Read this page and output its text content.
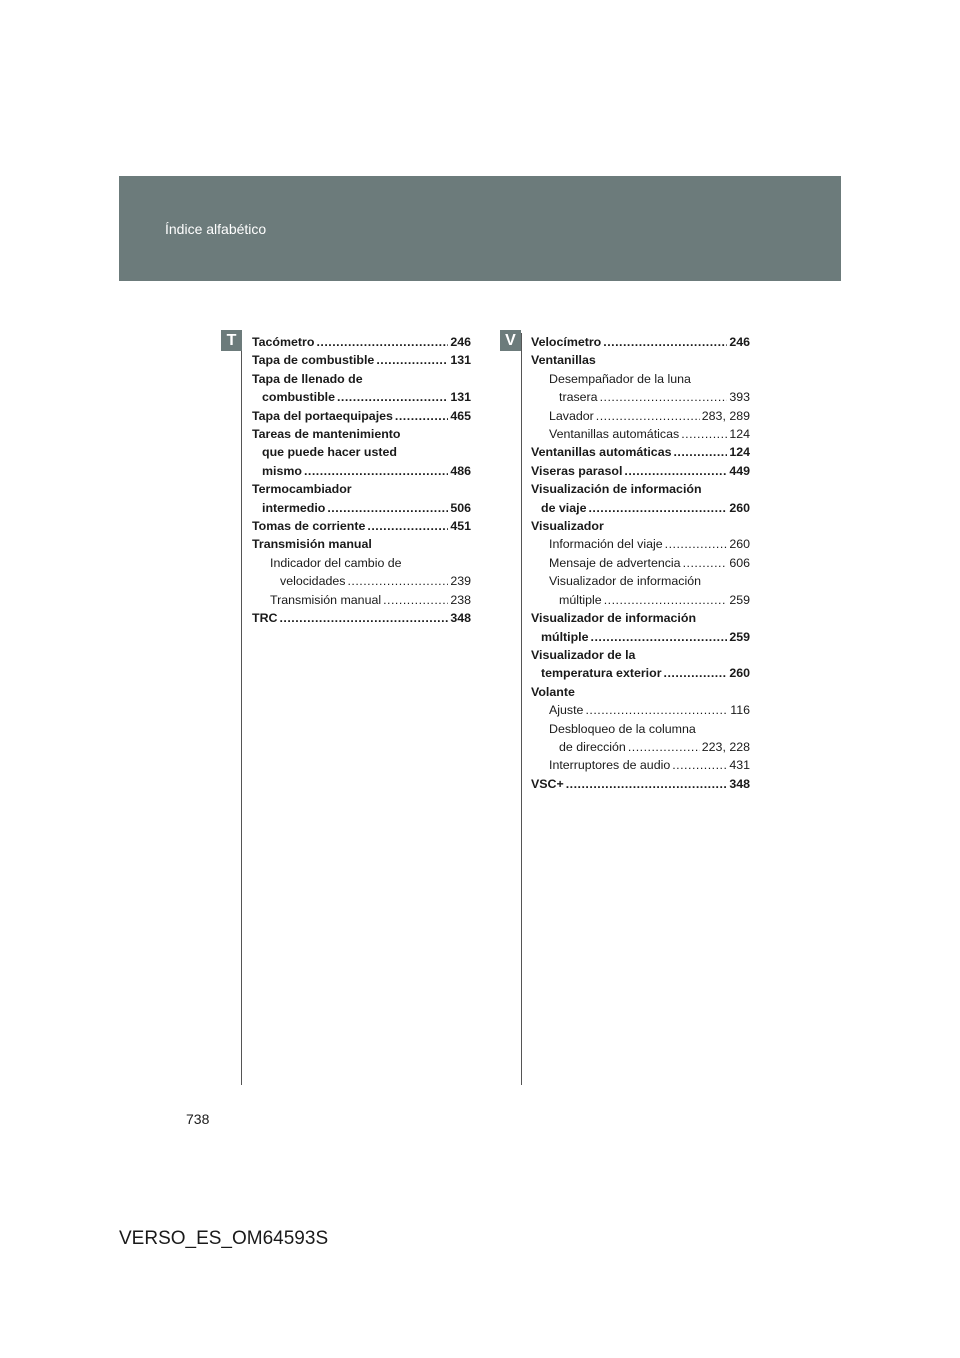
Índice alfabético
T	V
Tacómetro .....	246
Tapa de combustible .....	131
Tapa de llenado de
combustible .....	131
Tapa del portaequipajes .....	465
Tareas de mantenimiento
que puede hacer usted
mismo .....	486
Termocambiador
intermedio .....	506
Tomas de corriente .....	451
Transmisión manual
Indicador del cambio de
velocidades .....	239
Transmisión manual .....	238
TRC .....	348
Velocímetro .....	246
Ventanillas
Desempañador de la luna
trasera .....	393
Lavador .....	283, 289
Ventanillas automáticas .....	124
Ventanillas automáticas .....	124
Viseras parasol .....	449
Visualización de información
de viaje .....	260
Visualizador
Información del viaje .....	260
Mensaje de advertencia .....	606
Visualizador de información
múltiple .....	259
Visualizador de información
múltiple .....	259
Visualizador de la
temperatura exterior .....	260
Volante
Ajuste .....	116
Desbloqueo de la columna
de dirección .....	223, 228
Interruptores de audio .....	431
VSC+ .....	348
738
VERSO_ES_OM64593S
